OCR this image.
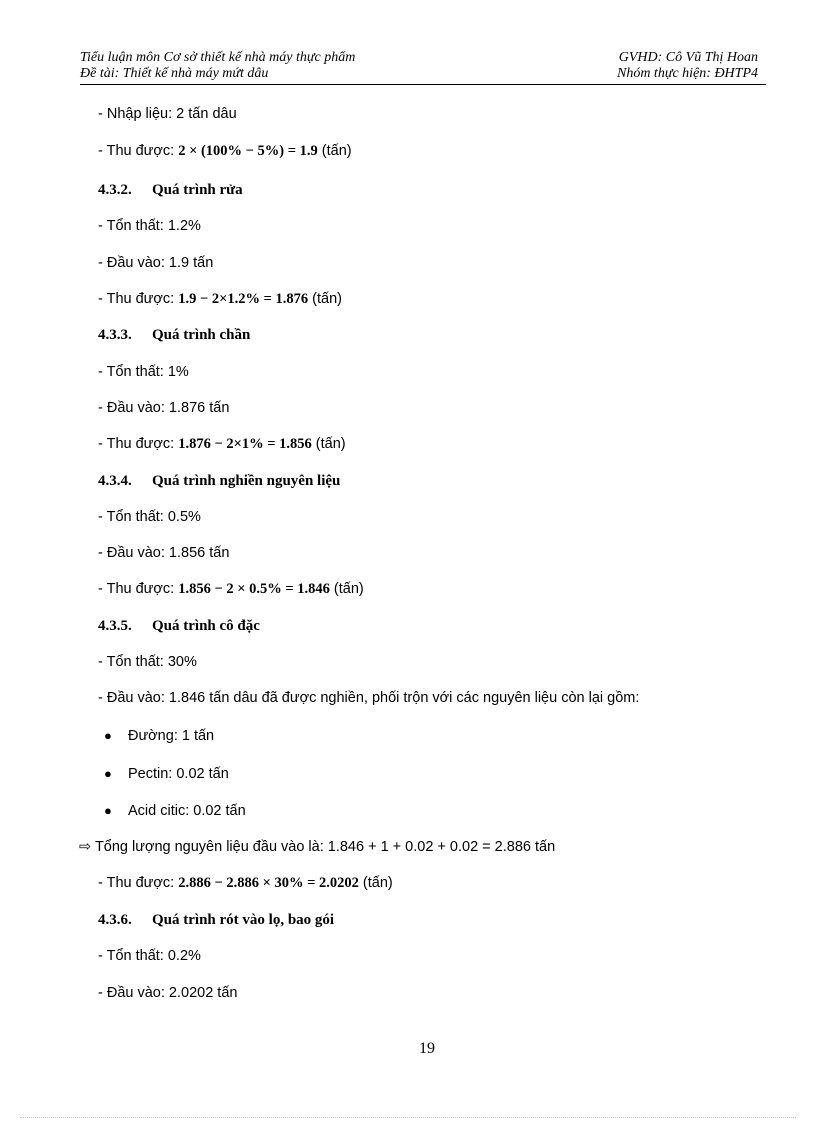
Tiểu luận môn Cơ sở thiết kế nhà máy thực phẩm	GVHD: Cô Vũ Thị Hoan
Đề tài: Thiết kế nhà máy mứt dâu	Nhóm thực hiện: ĐHTP4
- Nhập liệu: 2 tấn dâu
- Thu được: 2 × (100% − 5%) = 1.9 (tấn)
4.3.2. Quá trình rửa
- Tổn thất: 1.2%
- Đầu vào: 1.9 tấn
- Thu được: 1.9 − 2×1.2% = 1.876 (tấn)
4.3.3. Quá trình chần
- Tổn thất: 1%
- Đầu vào: 1.876 tấn
- Thu được: 1.876 − 2×1% = 1.856 (tấn)
4.3.4. Quá trình nghiền nguyên liệu
- Tổn thất: 0.5%
- Đầu vào: 1.856 tấn
- Thu được: 1.856 − 2 × 0.5% = 1.846 (tấn)
4.3.5. Quá trình cô đặc
- Tổn thất: 30%
- Đầu vào: 1.846 tấn dâu đã được nghiền, phối trộn với các nguyên liệu còn lại gồm:
● Đường: 1 tấn
● Pectin: 0.02 tấn
● Acid citic: 0.02 tấn
⇨ Tổng lượng nguyên liệu đầu vào là: 1.846 + 1 + 0.02 + 0.02 = 2.886 tấn
- Thu được: 2.886 − 2.886 × 30% = 2.0202 (tấn)
4.3.6. Quá trình rót vào lọ, bao gói
- Tổn thất: 0.2%
- Đầu vào: 2.0202 tấn
19
